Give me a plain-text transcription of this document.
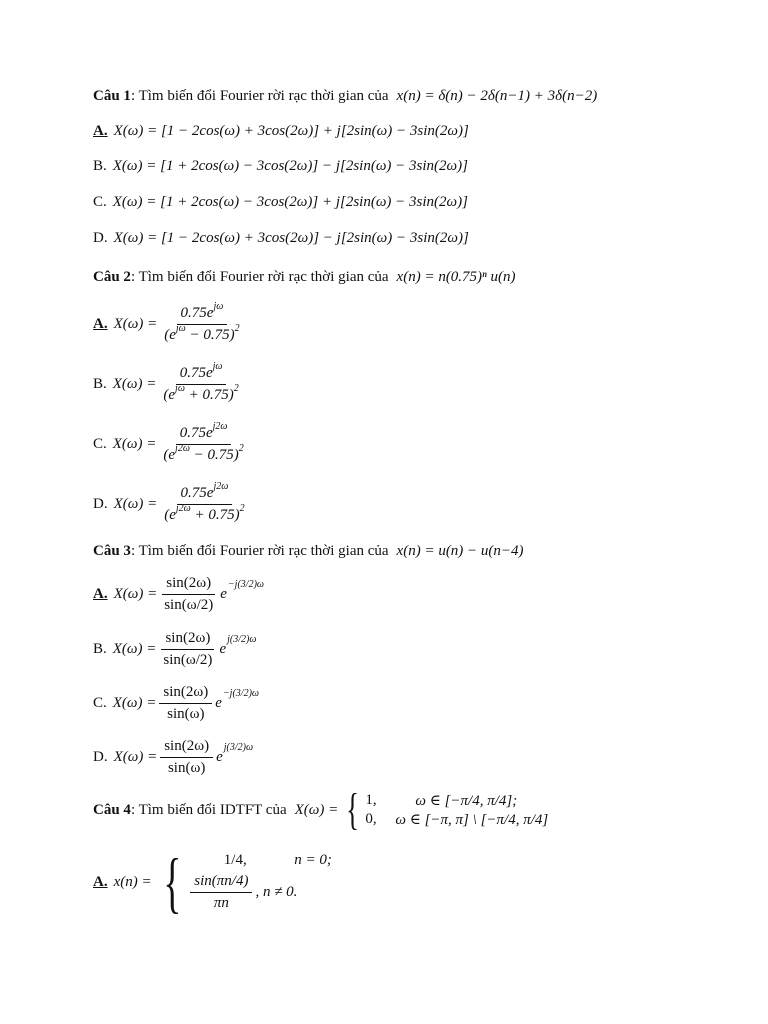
Câu 1 : Tìm biến đổi Fourier rời rạc thời gian của x(n) = δ(n) − 2δ(n−1) + 3δ(n−2)
A. X(ω) = [1 − 2cos(ω) + 3cos(2ω)] + j[2sin(ω) − 3sin(2ω)]
B. X(ω) = [1 + 2cos(ω) − 3cos(2ω)] − j[2sin(ω) − 3sin(2ω)]
C. X(ω) = [1 + 2cos(ω) − 3cos(2ω)] + j[2sin(ω) − 3sin(2ω)]
D. X(ω) = [1 − 2cos(ω) + 3cos(2ω)] − j[2sin(ω) − 3sin(2ω)]
Câu 2 : Tìm biến đổi Fourier rời rạc thời gian của x(n) = n(0.75)ⁿ u(n)
A. $X(\omega) = \frac{0.75e^{j\omega}}{(e^{j\omega} - 0.75)^2}$
B. $X(\omega) = \frac{0.75e^{j\omega}}{(e^{j\omega} + 0.75)^2}$
C. $X(\omega) = \frac{0.75e^{j2\omega}}{(e^{j2\omega} - 0.75)^2}$
D. $X(\omega) = \frac{0.75e^{j2\omega}}{(e^{j2\omega} + 0.75)^2}$
Câu 3 : Tìm biến đổi Fourier rời rạc thời gian của x(n) = u(n) − u(n−4)
A. $X(\omega) = \frac{\sin(2\omega)}{\sin(\omega/2)}$ e
−j(3/2)ω
B. $X(\omega) = \frac{\sin(2\omega)}{\sin(\omega/2)}$ e
j(3/2)ω
C. $X(\omega) = \frac{\sin(2\omega)}{\sin(\omega)}$ e
−j(3/2)ω
D. $X(\omega) = \frac{\sin(2\omega)}{\sin(\omega)}$ e
j(3/2)ω
Câu 4 : Tìm biến đổi IDTFT của X(ω) = { 1,	ω ∈ [−π/4, π/4];
0,	ω ∈ [−π, π] \ [−π/4, π/4]
A. x(n) = {	1/4,	n = 0;
$\frac{\sin(\pi n/4)}{\pi n}$ , n ≠ 0.
